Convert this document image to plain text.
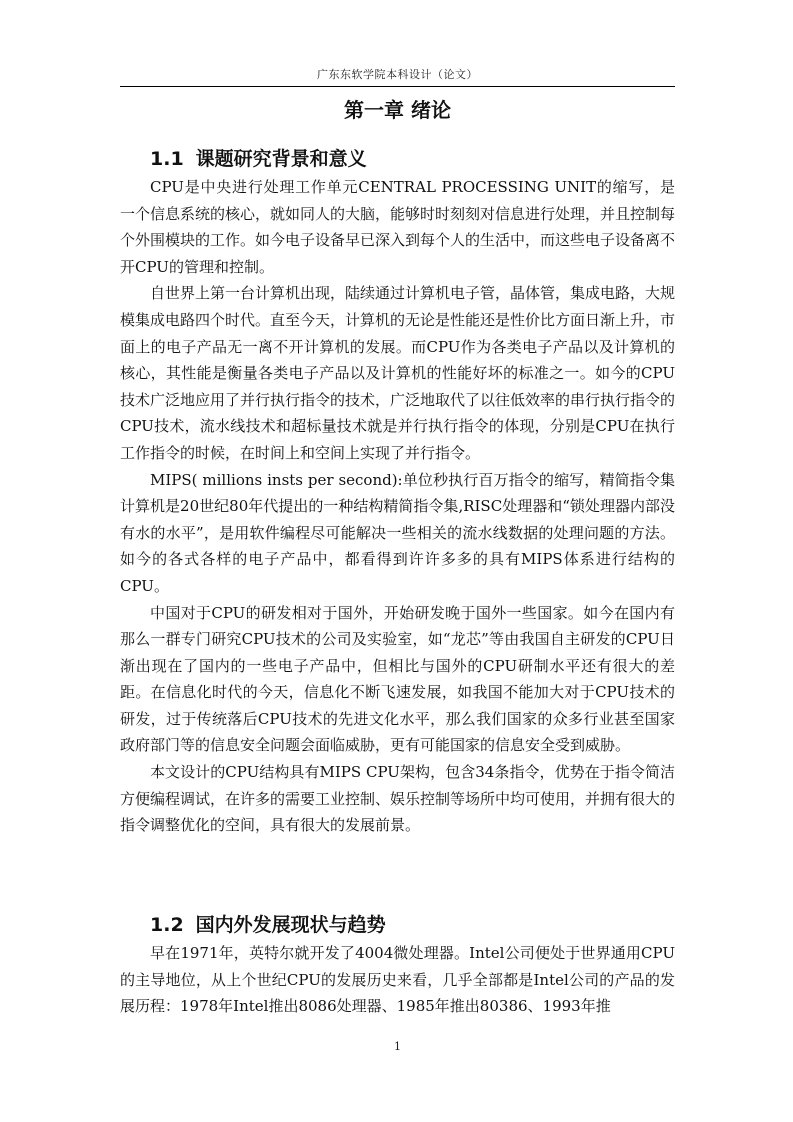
广东东软学院本科设计（论文）
第一章 绪论
1.1 课题研究背景和意义

CPU是中央进行处理工作单元CENTRAL PROCESSING UNIT的缩写，是一个信息系统的核心，就如同人的大脑，能够时时刻刻对信息进行处理，并且控制每个外围模块的工作。如今电子设备早已深入到每个人的生活中，而这些电子设备离不开CPU的管理和控制。

自世界上第一台计算机出现，陆续通过计算机电子管，晶体管，集成电路，大规模集成电路四个时代。直至今天，计算机的无论是性能还是性价比方面日渐上升，市面上的电子产品无一离不开计算机的发展。而CPU作为各类电子产品以及计算机的核心，其性能是衡量各类电子产品以及计算机的性能好坏的标准之一。如今的CPU技术广泛地应用了并行执行指令的技术，广泛地取代了以往低效率的串行执行指令的CPU技术，流水线技术和超标量技术就是并行执行指令的体现，分别是CPU在执行工作指令的时候，在时间上和空间上实现了并行指令。

MIPS( millions insts per second):单位秒执行百万指令的缩写，精简指令集计算机是20世纪80年代提出的一种结构精简指令集,RISC处理器和“锁处理器内部没有水的水平”，是用软件编程尽可能解决一些相关的流水线数据的处理问题的方法。如今的各式各样的电子产品中，都看得到许许多多的具有MIPS体系进行结构的CPU。

中国对于CPU的研发相对于国外，开始研发晚于国外一些国家。如今在国内有那么一群专门研究CPU技术的公司及实验室，如“龙芯”等由我国自主研发的CPU日渐出现在了国内的一些电子产品中，但相比与国外的CPU研制水平还有很大的差距。在信息化时代的今天，信息化不断飞速发展，如我国不能加大对于CPU技术的研发，过于传统落后CPU技术的先进文化水平，那么我们国家的众多行业甚至国家政府部门等的信息安全问题会面临威胁，更有可能国家的信息安全受到威胁。

本文设计的CPU结构具有MIPS CPU架构，包含34条指令，优势在于指令简洁方便编程调试，在许多的需要工业控制、娱乐控制等场所中均可使用，并拥有很大的指令调整优化的空间，具有很大的发展前景。

1.2 国内外发展现状与趋势

早在1971年，英特尔就开发了4004微处理器。Intel公司便处于世界通用CPU的主导地位，从上个世纪CPU的发展历史来看，几乎全部都是Intel公司的产品的发展历程：1978年Intel推出8086处理器、1985年推出80386、1993年推

1
